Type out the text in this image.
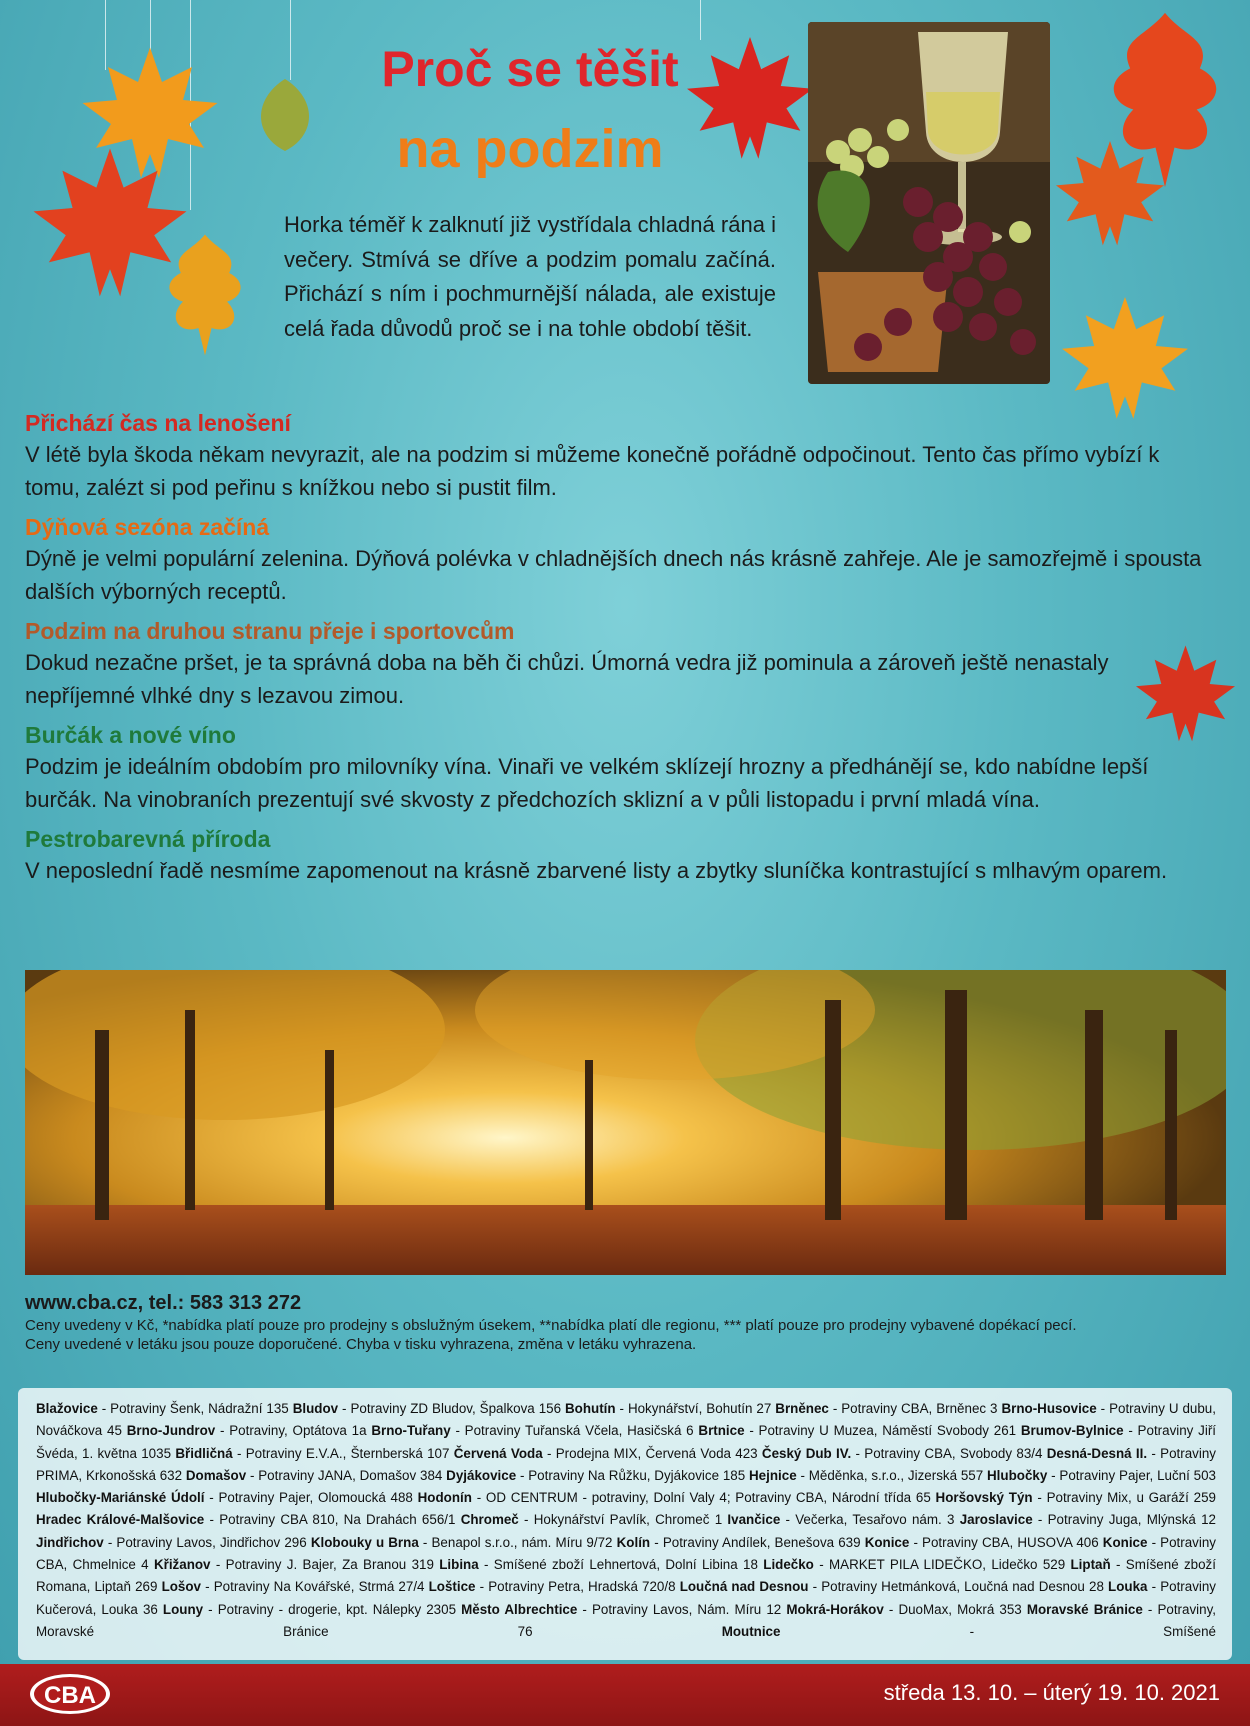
Proč se těšit
na podzim
Horka téměř k zalknutí již vystřídala chladná rána i večery. Stmívá se dříve a podzim pomalu začíná. Přichází s ním i pochmurnější nálada, ale existuje celá řada důvodů proč se i na tohle období těšit.
Přichází čas na lenošení

V létě byla škoda někam nevyrazit, ale na podzim si můžeme konečně pořádně odpočinout. Tento čas přímo vybízí k tomu, zalézt si pod peřinu s knížkou nebo si pustit film.

Dýňová sezóna začíná

Dýně je velmi populární zelenina. Dýňová polévka v chladnějších dnech nás krásně zahřeje. Ale je samozřejmě i spousta dalších výborných receptů.

Podzim na druhou stranu přeje i sportovcům

Dokud nezačne pršet, je ta správná doba na běh či chůzi. Úmorná vedra již pominula a zároveň ještě nenastaly nepříjemné vlhké dny s lezavou zimou.

Burčák a nové víno

Podzim je ideálním obdobím pro milovníky vína. Vinaři ve velkém sklízejí hrozny a předhánějí se, kdo nabídne lepší burčák. Na vinobraních prezentují své skvosty z předchozích sklizní a v půli listopadu i první mladá vína.

Pestrobarevná příroda

V neposlední řadě nesmíme zapomenout na krásně zbarvené listy a zbytky sluníčka kontrastující s mlhavým oparem.

www.cba.cz, tel.: 583 313 272

Ceny uvedeny v Kč, *nabídka platí pouze pro prodejny s obslužným úsekem, **nabídka platí dle regionu, *** platí pouze pro prodejny vybavené dopékací pecí.

Ceny uvedené v letáku jsou pouze doporučené. Chyba v tisku vyhrazena, změna v letáku vyhrazena.

Blažovice - Potraviny Šenk, Nádražní 135 Bludov - Potraviny ZD Bludov, Špalkova 156 Bohutín - Hokynářství, Bohutín 27 Brněnec - Potraviny CBA, Brněnec 3 Brno-Husovice - Potraviny U dubu, Nováčkova 45 Brno-Jundrov - Potraviny, Optátova 1a Brno-Tuřany - Potraviny Tuřanská Včela, Hasičská 6 Brtnice - Potraviny U Muzea, Náměstí Svobody 261 Brumov-Bylnice - Potraviny Jiří Švéda, 1. května 1035 Břidličná - Potraviny E.V.A., Šternberská 107 Červená Voda - Prodejna MIX, Červená Voda 423 Český Dub IV. - Potraviny CBA, Svobody 83/4 Desná-Desná II. - Potraviny PRIMA, Krkonošská 632 Domašov - Potraviny JANA, Domašov 384 Dyjákovice - Potraviny Na Růžku, Dyjákovice 185 Hejnice - Měděnka, s.r.o., Jizerská 557 Hlubočky - Potraviny Pajer, Luční 503 Hlubočky-Mariánské Údolí - Potraviny Pajer, Olomoucká 488 Hodonín - OD CENTRUM - potraviny, Dolní Valy 4; Potraviny CBA, Národní třída 65 Horšovský Týn - Potraviny Mix, u Garáží 259 Hradec Králové-Malšovice - Potraviny CBA 810, Na Drahách 656/1 Chromeč - Hokynářství Pavlík, Chromeč 1 Ivančice - Večerka, Tesařovo nám. 3 Jaroslavice - Potraviny Juga, Mlýnská 12 Jindřichov - Potraviny Lavos, Jindřichov 296 Klobouky u Brna - Benapol s.r.o., nám. Míru 9/72 Kolín - Potraviny Andílek, Benešova 639 Konice - Potraviny CBA, HUSOVA 406 Konice - Potraviny CBA, Chmelnice 4 Křižanov - Potraviny J. Bajer, Za Branou 319 Libina - Smíšené zboží Lehnertová, Dolní Libina 18 Lidečko - MARKET PILA LIDEČKO, Lidečko 529 Liptaň - Smíšené zboží Romana, Liptaň 269 Lošov - Potraviny Na Kovářské, Strmá 27/4 Loštice - Potraviny Petra, Hradská 720/8 Loučná nad Desnou - Potraviny Hetmánková, Loučná nad Desnou 28 Louka - Potraviny Kučerová, Louka 36 Louny - Potraviny - drogerie, kpt. Nálepky 2305 Město Albrechtice - Potraviny Lavos, Nám. Míru 12 Mokrá-Horákov - DuoMax, Mokrá 353 Moravské Bránice - Potraviny, Moravské Bránice 76 Moutnice - Smíšené
CBA	středa 13. 10. – úterý 19. 10. 2021
